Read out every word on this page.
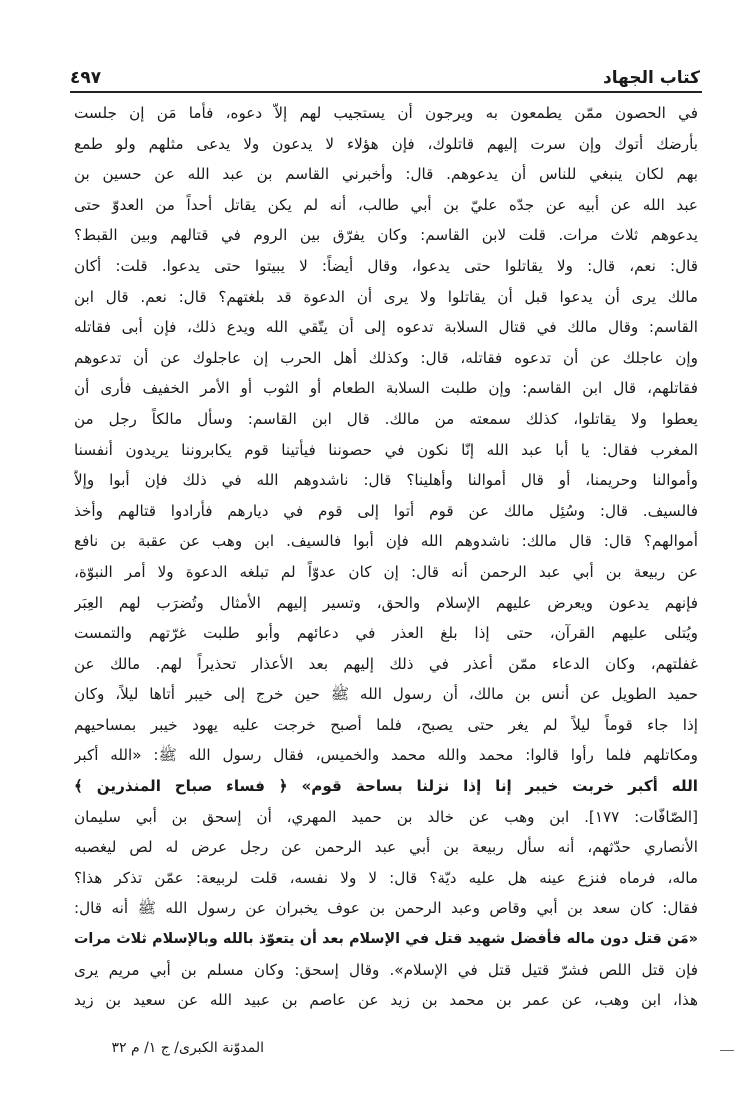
كتاب الجهاد
٤٩٧
في الحصون ممّن يطمعون به ويرجون أن يستجيب لهم إلاّ دعوه، فأما مَن إن جلست
بأرضك أتوك وإن سرت إليهم قاتلوك، فإن هؤلاء لا يدعون ولا يدعى مثلهم ولو طمع
بهم لكان ينبغي للناس أن يدعوهم. قال: وأخبرني القاسم بن عبد الله عن حسين بن
عبد الله عن أبيه عن جدّه عليّ بن أبي طالب، أنه لم يكن يقاتل أحداً من العدوّ حتى
يدعوهم ثلاث مرات. قلت لابن القاسم: وكان يفرّق بين الروم في قتالهم وبين القبط؟
قال: نعم، قال: ولا يقاتلوا حتى يدعوا، وقال أيضاً: لا يبيتوا حتى يدعوا. قلت: أكان
مالك يرى أن يدعوا قبل أن يقاتلوا ولا يرى أن الدعوة قد بلغتهم؟ قال: نعم. قال ابن
القاسم: وقال مالك في قتال السلابة تدعوه إلى أن يتّقي الله ويدع ذلك، فإن أبى فقاتله
وإن عاجلك عن أن تدعوه فقاتله، قال: وكذلك أهل الحرب إن عاجلوك عن أن تدعوهم
فقاتلهم، قال ابن القاسم: وإن طلبت السلابة الطعام أو الثوب أو الأمر الخفيف فأرى أن
يعطوا ولا يقاتلوا، كذلك سمعته من مالك. قال ابن القاسم: وسأل مالكاً رجل من
المغرب فقال: يا أبا عبد الله إنّا نكون في حصوننا فيأتينا قوم يكابروننا يريدون أنفسنا
وأموالنا وحريمنا، أو قال أموالنا وأهلينا؟ قال: ناشدوهم الله في ذلك فإن أبوا وإلاّ
فالسيف. قال: وسُئِل مالك عن قوم أتوا إلى قوم في ديارهم فأرادوا قتالهم وأخذ
أموالهم؟ قال: قال مالك: ناشدوهم الله فإن أبوا فالسيف. ابن وهب عن عقبة بن نافع
عن ربيعة بن أبي عبد الرحمن أنه قال: إن كان عدوّاً لم تبلغه الدعوة ولا أمر النبوّة،
فإنهم يدعون ويعرض عليهم الإسلام والحق، وتسير إليهم الأمثال وتُضرَب لهم العِبَر
ويُتلى عليهم القرآن، حتى إذا بلغ العذر في دعائهم وأبو طلبت غرّتهم والتمست
غفلتهم، وكان الدعاء ممّن أعذر في ذلك إليهم بعد الأعذار تحذيراً لهم. مالك عن
حميد الطويل عن أنس بن مالك، أن رسول الله ﷺ حين خرج إلى خيبر أتاها ليلاً، وكان
إذا جاء قوماً ليلاً لم يغر حتى يصبح، فلما أصبح خرجت عليه يهود خيبر بمساحيهم
ومكاتلهم فلما رأوا قالوا: محمد والله محمد والخميس، فقال رسول الله ﷺ: «الله أكبر
الله أكبر خربت خيبر إنا إذا نزلنا بساحة قوم» ﴿ فساء صباح المنذرين ﴾
[الصّافّات: ١٧٧]. ابن وهب عن خالد بن حميد المهري، أن إسحق بن أبي سليمان
الأنصاري حدّثهم، أنه سأل ربيعة بن أبي عبد الرحمن عن رجل عرض له لص ليغصبه
ماله، فرماه فنزع عينه هل عليه ديّة؟ قال: لا ولا نفسه، قلت لربيعة: عمّن تذكر هذا؟
فقال: كان سعد بن أبي وقاص وعبد الرحمن بن عوف يخبران عن رسول الله ﷺ أنه قال:
«مَن قتل دون ماله فأفضل شهيد قتل في الإسلام بعد أن يتعوّذ بالله وبالإسلام ثلاث مرات
فإن قتل اللص فشرّ قتيل قتل في الإسلام». وقال إسحق: وكان مسلم بن أبي مريم يرى
هذا، ابن وهب، عن عمر بن محمد بن زيد عن عاصم بن عبيد الله عن سعيد بن زيد
المدوّنة الكبرى/ ج ١/ م ٣٢
